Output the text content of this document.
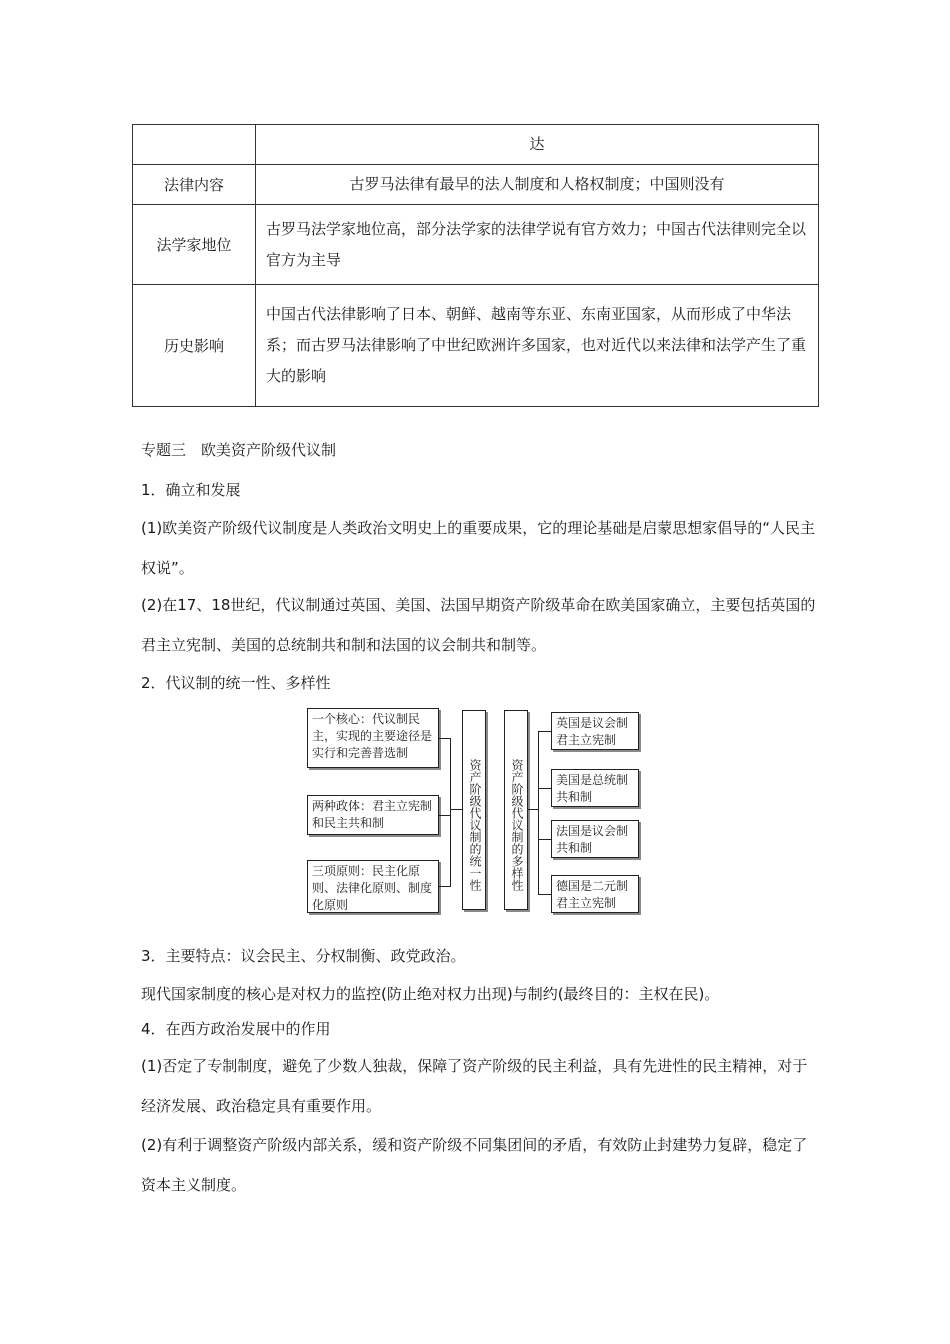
	达
法律内容	古罗马法律有最早的法人制度和人格权制度；中国则没有
法学家地位	古罗马法学家地位高，部分法学家的法律学说有官方效力；中国古代法律则完全以官方为主导
历史影响	中国古代法律影响了日本、朝鲜、越南等东亚、东南亚国家，从而形成了中华法系；而古罗马法律影响了中世纪欧洲许多国家，也对近代以来法律和法学产生了重大的影响
专题三　欧美资产阶级代议制
1．确立和发展
(1)欧美资产阶级代议制度是人类政治文明史上的重要成果，它的理论基础是启蒙思想家倡导的“人民主权说”。
(2)在17、18世纪，代议制通过英国、美国、法国早期资产阶级革命在欧美国家确立，主要包括英国的君主立宪制、美国的总统制共和制和法国的议会制共和制等。
2．代议制的统一性、多样性
一个核心：代议制民主，实现的主要途径是实行和完善普选制
两种政体：君主立宪制和民主共和制
三项原则：民主化原则、法律化原则、制度化原则
资产阶级代议制的统一性	资产阶级代议制的多样性
英国是议会制君主立宪制
美国是总统制共和制
法国是议会制共和制
德国是二元制君主立宪制
3．主要特点：议会民主、分权制衡、政党政治。
现代国家制度的核心是对权力的监控(防止绝对权力出现)与制约(最终目的：主权在民)。
4．在西方政治发展中的作用
(1)否定了专制制度，避免了少数人独裁，保障了资产阶级的民主利益，具有先进性的民主精神，对于经济发展、政治稳定具有重要作用。
(2)有利于调整资产阶级内部关系，缓和资产阶级不同集团间的矛盾，有效防止封建势力复辟，稳定了资本主义制度。
